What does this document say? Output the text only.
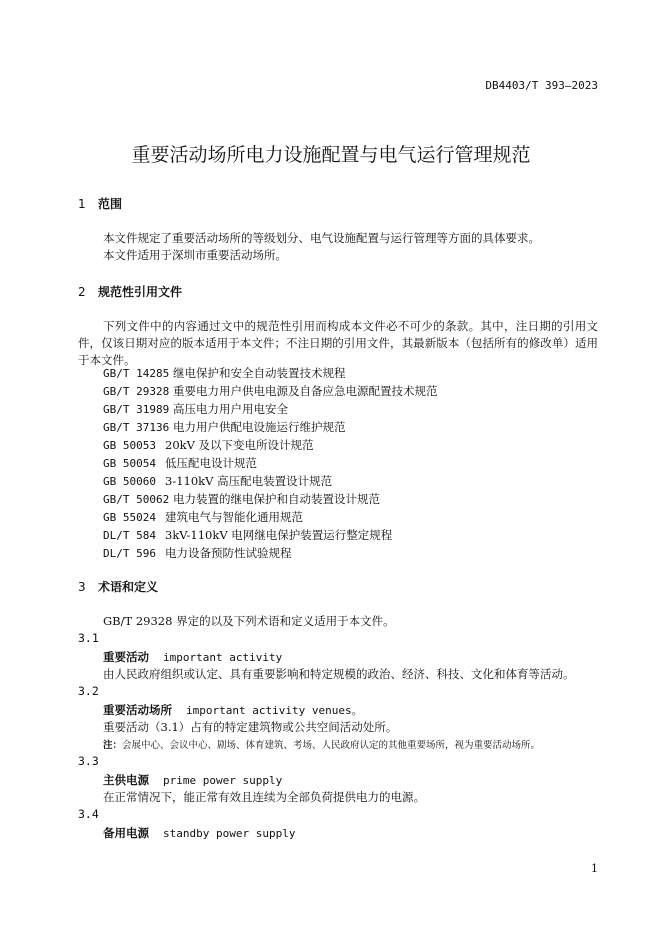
DB4403/T 393—2023
重要活动场所电力设施配置与电气运行管理规范
1 范围
本文件规定了重要活动场所的等级划分、电气设施配置与运行管理等方面的具体要求。
本文件适用于深圳市重要活动场所。
2 规范性引用文件
下列文件中的内容通过文中的规范性引用而构成本文件必不可少的条款。其中，注日期的引用文件，仅该日期对应的版本适用于本文件；不注日期的引用文件，其最新版本（包括所有的修改单）适用于本文件。
GB/T 14285 继电保护和安全自动装置技术规程
GB/T 29328 重要电力用户供电电源及自备应急电源配置技术规范
GB/T 31989 高压电力用户用电安全
GB/T 37136 电力用户供配电设施运行维护规范
GB 50053 20kV 及以下变电所设计规范
GB 50054 低压配电设计规范
GB 50060 3-110kV 高压配电装置设计规范
GB/T 50062 电力装置的继电保护和自动装置设计规范
GB 55024 建筑电气与智能化通用规范
DL/T 584 3kV-110kV 电网继电保护装置运行整定规程
DL/T 596 电力设备预防性试验规程
3 术语和定义
GB/T 29328 界定的以及下列术语和定义适用于本文件。
3.1
重要活动 important activity
由人民政府组织或认定、具有重要影响和特定规模的政治、经济、科技、文化和体育等活动。
3.2
重要活动场所 important activity venues。
重要活动（3.1）占有的特定建筑物或公共空间活动处所。
注：会展中心、会议中心、剧场、体育建筑、考场、人民政府认定的其他重要场所，视为重要活动场所。
3.3
主供电源 prime power supply
在正常情况下，能正常有效且连续为全部负荷提供电力的电源。
3.4
备用电源 standby power supply
1
